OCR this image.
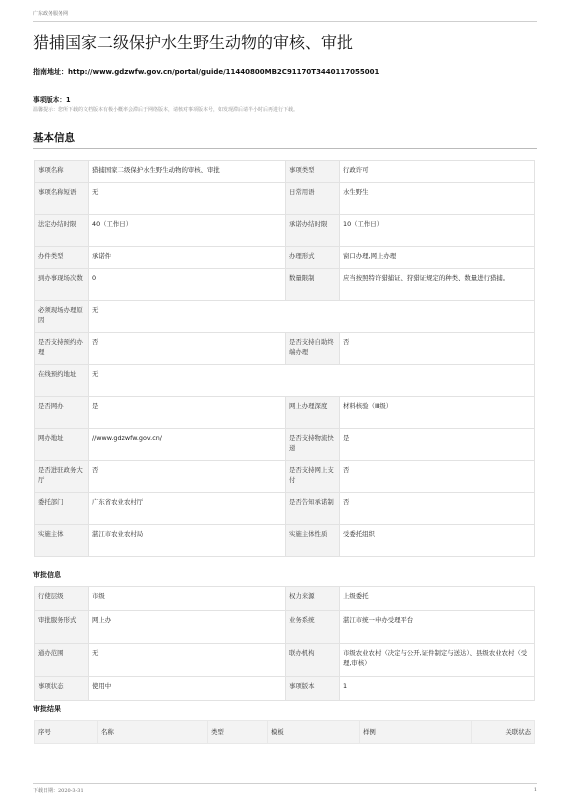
广东政务服务网
猎捕国家二级保护水生野生动物的审核、审批
指南地址：http://www.gdzwfw.gov.cn/portal/guide/11440800MB2C91170T3440117055001
事项版本：1
温馨提示：您所下载的文档版本有极小概率会滞后于网络版本，请核对事项版本号，如发现滞后请半小时后再进行下载。
基本信息
事项名称	猎捕国家二级保护水生野生动物的审核、审批	事项类型	行政许可
事项名称短语	无	日常用语	水生野生
法定办结时限	40（工作日）	承诺办结时限	10（工作日）
办件类型	承诺件	办理形式	窗口办理,网上办理
到办事现场次数	0	数量限制	应当按照特许猎捕证、狩猎证规定的种类、数量进行猎捕。
必须现场办理原因	无		
是否支持预约办理	否	是否支持自助终端办理	否
在线预约地址	无		
是否网办	是	网上办理深度	材料核验（Ⅲ级）
网办地址	//www.gdzwfw.gov.cn/	是否支持物流快递	是
是否进驻政务大厅	否	是否支持网上支付	否
委托部门	广东省农业农村厅	是否告知承诺制	否
实施主体	湛江市农业农村局	实施主体性质	受委托组织
审批信息
行使层级	市级	权力来源	上级委托
审批服务形式	网上办	业务系统	湛江市统一申办受理平台
通办范围	无	联办机构	市级农业农村（决定与公开,证件制定与送达）、县级农业农村（受理,审核）
事项状态	使用中	事项版本	1
审批结果
序号	名称	类型	模板	样例	关联状态
下载日期：2020-3-31	1
